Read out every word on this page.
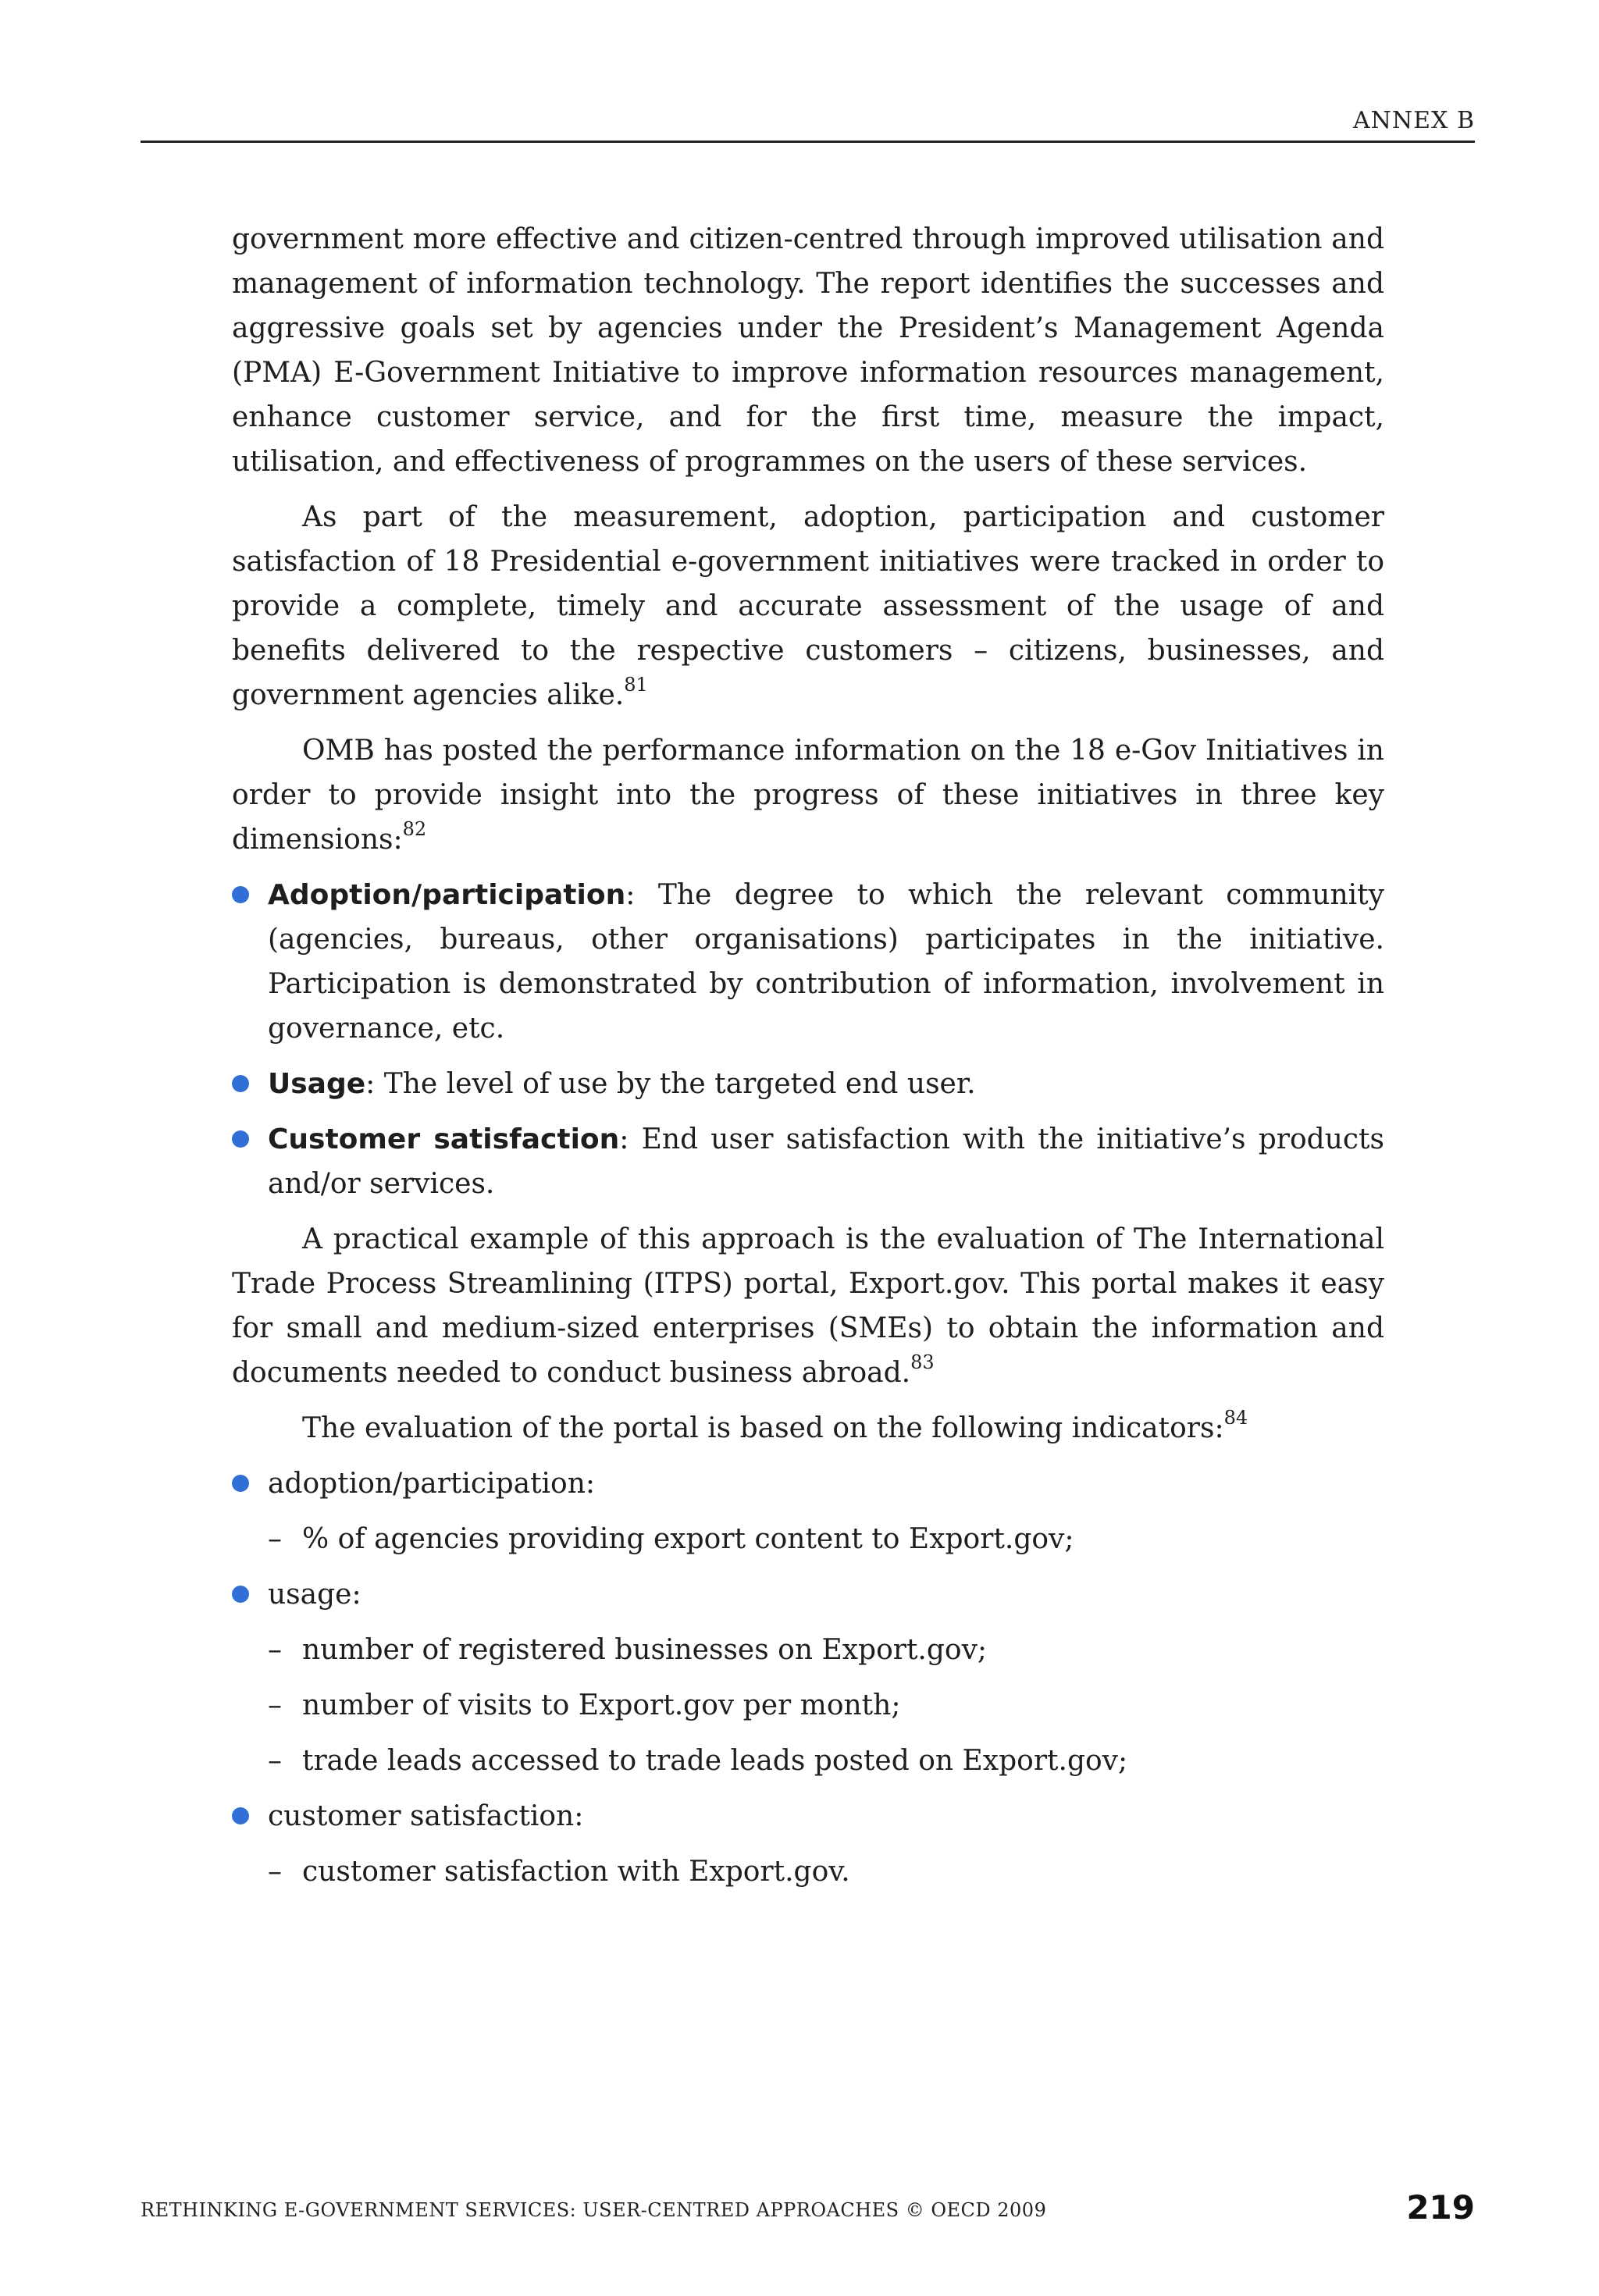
ANNEX B

government more effective and citizen-centred through improved utilisation and management of information technology. The report identifies the successes and aggressive goals set by agencies under the President’s Management Agenda (PMA) E-Government Initiative to improve information resources management, enhance customer service, and for the first time, measure the impact, utilisation, and effectiveness of programmes on the users of these services.

As part of the measurement, adoption, participation and customer satisfaction of 18 Presidential e-government initiatives were tracked in order to provide a complete, timely and accurate assessment of the usage of and benefits delivered to the respective customers – citizens, businesses, and government agencies alike.$^{81}$

OMB has posted the performance information on the 18 e-Gov Initiatives in order to provide insight into the progress of these initiatives in three key dimensions:$^{82}$

Adoption/participation: The degree to which the relevant community (agencies, bureaus, other organisations) participates in the initiative. Participation is demonstrated by contribution of information, involvement in governance, etc.
Usage: The level of use by the targeted end user.
Customer satisfaction: End user satisfaction with the initiative’s products and/or services.

A practical example of this approach is the evaluation of The International Trade Process Streamlining (ITPS) portal, Export.gov. This portal makes it easy for small and medium-sized enterprises (SMEs) to obtain the information and documents needed to conduct business abroad.$^{83}$

The evaluation of the portal is based on the following indicators:$^{84}$

adoption/participation:
– % of agencies providing export content to Export.gov;
usage:
– number of registered businesses on Export.gov;
– number of visits to Export.gov per month;
– trade leads accessed to trade leads posted on Export.gov;
customer satisfaction:
– customer satisfaction with Export.gov.
RETHINKING E-GOVERNMENT SERVICES: USER-CENTRED APPROACHES © OECD 2009	219
